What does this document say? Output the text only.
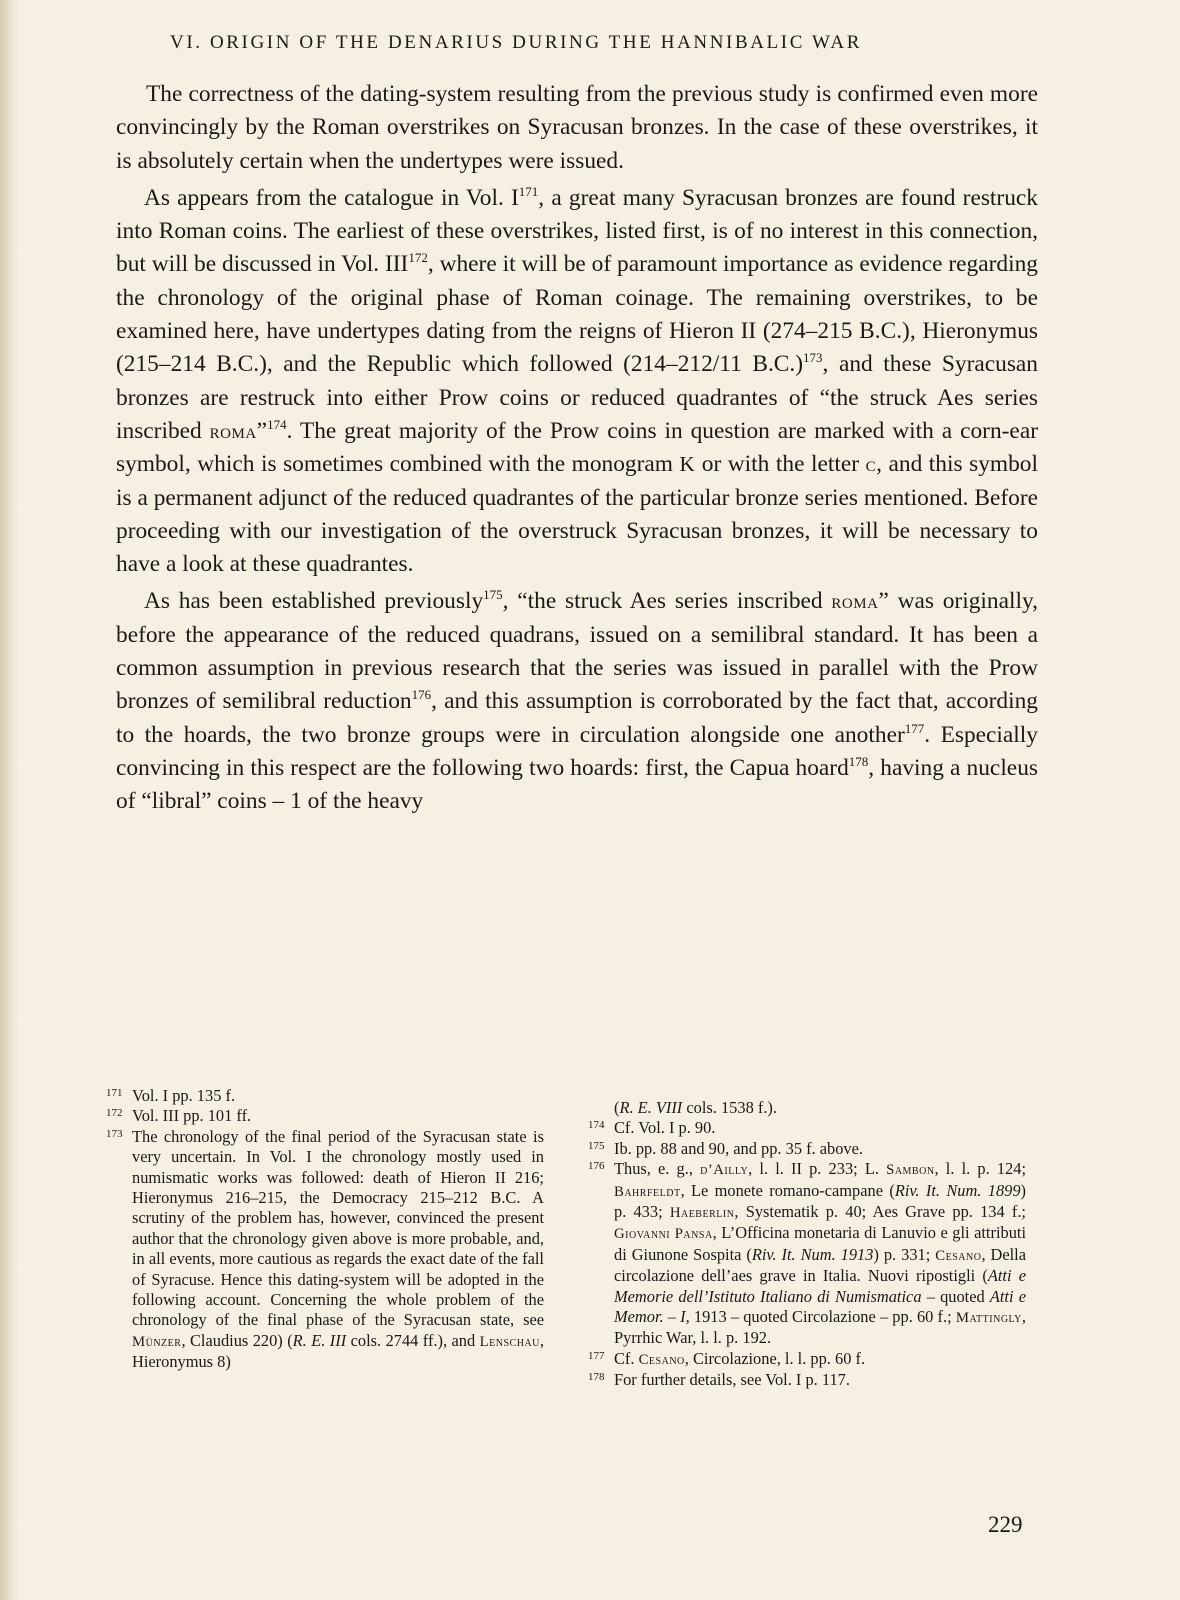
VI. ORIGIN OF THE DENARIUS DURING THE HANNIBALIC WAR

The correctness of the dating-system resulting from the previous study is confirmed even more convincingly by the Roman overstrikes on Syracusan bronzes. In the case of these overstrikes, it is absolutely certain when the undertypes were issued.

As appears from the catalogue in Vol. $I^{171}$, a great many Syracusan bronzes are found restruck into Roman coins. The earliest of these overstrikes, listed first, is of no interest in this connection, but will be discussed in Vol. III$^{172}$, where it will be of paramount importance as evidence regarding the chronology of the original phase of Roman coinage. The remaining overstrikes, to be examined here, have undertypes dating from the reigns of Hieron II (274–215 B.C.), Hieronymus (215–214 B.C.), and the Republic which followed (214–212/11 B.C.)$^{173}$, and these Syracusan bronzes are restruck into either Prow coins or reduced quadrantes of “the struck Aes series inscribed roma”$^{174}$. The great majority of the Prow coins in question are marked with a corn-ear symbol, which is sometimes combined with the monogram K or with the letter c, and this symbol is a permanent adjunct of the reduced quadrantes of the particular bronze series mentioned. Before proceeding with our investigation of the overstruck Syracusan bronzes, it will be necessary to have a look at these quadrantes.

As has been established previously$^{175}$, “the struck Aes series inscribed roma” was originally, before the appearance of the reduced quadrans, issued on a semilibral standard. It has been a common assumption in previous research that the series was issued in parallel with the Prow bronzes of semilibral reduction$^{176}$, and this assumption is corroborated by the fact that, according to the hoards, the two bronze groups were in circulation alongside one another$^{177}$. Especially convincing in this respect are the following two hoards: first, the Capua hoard$^{178}$, having a nucleus of “libral” coins – 1 of the heavy

171 Vol. I pp. 135 f.
172 Vol. III pp. 101 ff.
173 The chronology of the final period of the Syracusan state is very uncertain. In Vol. I the chronology mostly used in numismatic works was followed: death of Hieron II 216; Hieronymus 216–215, the Democracy 215–212 B.C. A scrutiny of the problem has, however, convinced the present author that the chronology given above is more probable, and, in all events, more cautious as regards the exact date of the fall of Syracuse. Hence this dating-system will be adopted in the following account. Concerning the whole problem of the chronology of the final phase of the Syracusan state, see Münzer, Claudius 220) (R. E. III cols. 2744 ff.), and Lenschau, Hieronymus 8)
(R. E. VIII cols. 1538 f.).
174 Cf. Vol. I p. 90.
175 Ib. pp. 88 and 90, and pp. 35 f. above.
176 Thus, e. g., d’Ailly, l. l. II p. 233; L. Sambon, l. l. p. 124; Bahrfeldt, Le monete romano-campane (Riv. It. Num. 1899) p. 433; Haeberlin, Systematik p. 40; Aes Grave pp. 134 f.; Giovanni Pansa, L’Officina monetaria di Lanuvio e gli attributi di Giunone Sospita (Riv. It. Num. 1913) p. 331; Cesano, Della circolazione dell’aes grave in Italia. Nuovi ripostigli (Atti e Memorie dell’Istituto Italiano di Numismatica – quoted Atti e Memor. – I, 1913 – quoted Circolazione – pp. 60 f.; Mattingly, Pyrrhic War, l. l. p. 192.
177 Cf. Cesano, Circolazione, l. l. pp. 60 f.
178 For further details, see Vol. I p. 117.
229
